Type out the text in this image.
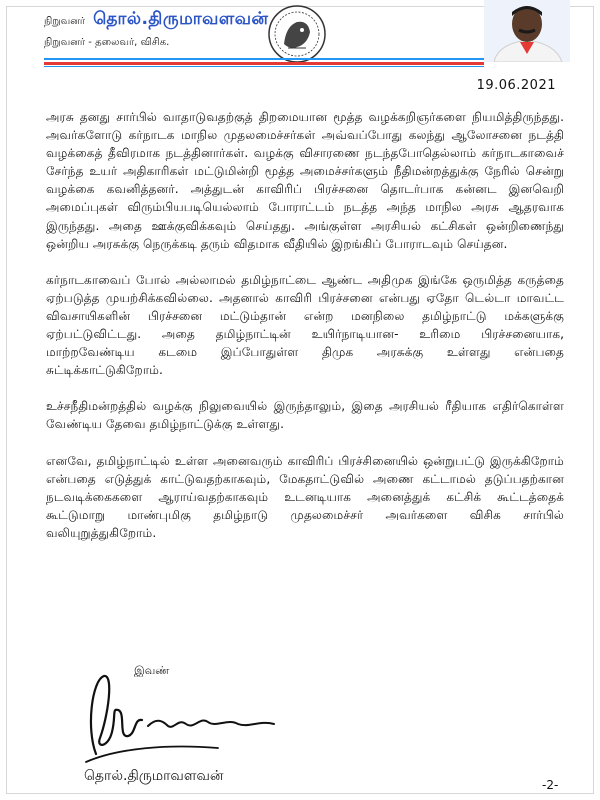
நிறுவனர் தொல்.திருமாவளவன்
நிறுவனர் - தலைவர், விசிக.
19.06.2021

அரசு தனது சார்பில் வாதாடுவதற்குத் திறமையான மூத்த வழக்கறிஞர்களை நியமித்திருந்தது. அவர்களோடு கர்நாடக மாநில முதலமைச்சர்கள் அவ்வப்போது கலந்து ஆலோசனை நடத்தி வழக்கைத் தீவிரமாக நடத்தினார்கள். வழக்கு விசாரணை நடந்தபோதெல்லாம் கர்நாடகாவைச் சேர்ந்த உயர் அதிகாரிகள் மட்டுமின்றி மூத்த அமைச்சர்களும் நீதிமன்றத்துக்கு நேரில் சென்று வழக்கை கவனித்தனர். அத்துடன் காவிரிப் பிரச்சனை தொடர்பாக கன்னட இனவெறி அமைப்புகள் விரும்பியபடியெல்லாம் போராட்டம் நடத்த அந்த மாநில அரசு ஆதரவாக இருந்தது. அதை ஊக்குவிக்கவும் செய்தது. அங்குள்ள அரசியல் கட்சிகள் ஒன்றிணைந்து ஒன்றிய அரசுக்கு நெருக்கடி தரும் விதமாக வீதியில் இறங்கிப் போராடவும் செய்தன.

கர்நாடகாவைப் போல் அல்லாமல் தமிழ்நாட்டை ஆண்ட அதிமுக இங்கே ஒருமித்த கருத்தை ஏற்படுத்த முயற்சிக்கவில்லை. அதனால் காவிரி பிரச்சனை என்பது ஏதோ டெல்டா மாவட்ட விவசாயிகளின் பிரச்சனை மட்டும்தான் என்ற மனநிலை தமிழ்நாட்டு மக்களுக்கு ஏற்பட்டுவிட்டது. அதை தமிழ்நாட்டின் உயிர்நாடியான- உரிமை பிரச்சனையாக, மாற்றவேண்டிய கடமை இப்போதுள்ள திமுக அரசுக்கு உள்ளது என்பதை சுட்டிக்காட்டுகிறோம்.

உச்சநீதிமன்றத்தில் வழக்கு நிலுவையில் இருந்தாலும், இதை அரசியல் ரீதியாக எதிர்கொள்ள வேண்டிய தேவை தமிழ்நாட்டுக்கு உள்ளது.

எனவே, தமிழ்நாட்டில் உள்ள அனைவரும் காவிரிப் பிரச்சினையில் ஒன்றுபட்டு இருக்கிறோம் என்பதை எடுத்துக் காட்டுவதற்காகவும், மேகதாட்டுவில் அணை கட்டாமல் தடுப்பதற்கான நடவடிக்கைகளை ஆராய்வதற்காகவும் உடனடியாக அனைத்துக் கட்சிக் கூட்டத்தைக் கூட்டுமாறு மாண்புமிகு தமிழ்நாடு முதலமைச்சர் அவர்களை விசிக சார்பில் வலியுறுத்துகிறோம்.

இவண்
தொல்.திருமாவளவன்
-2-
